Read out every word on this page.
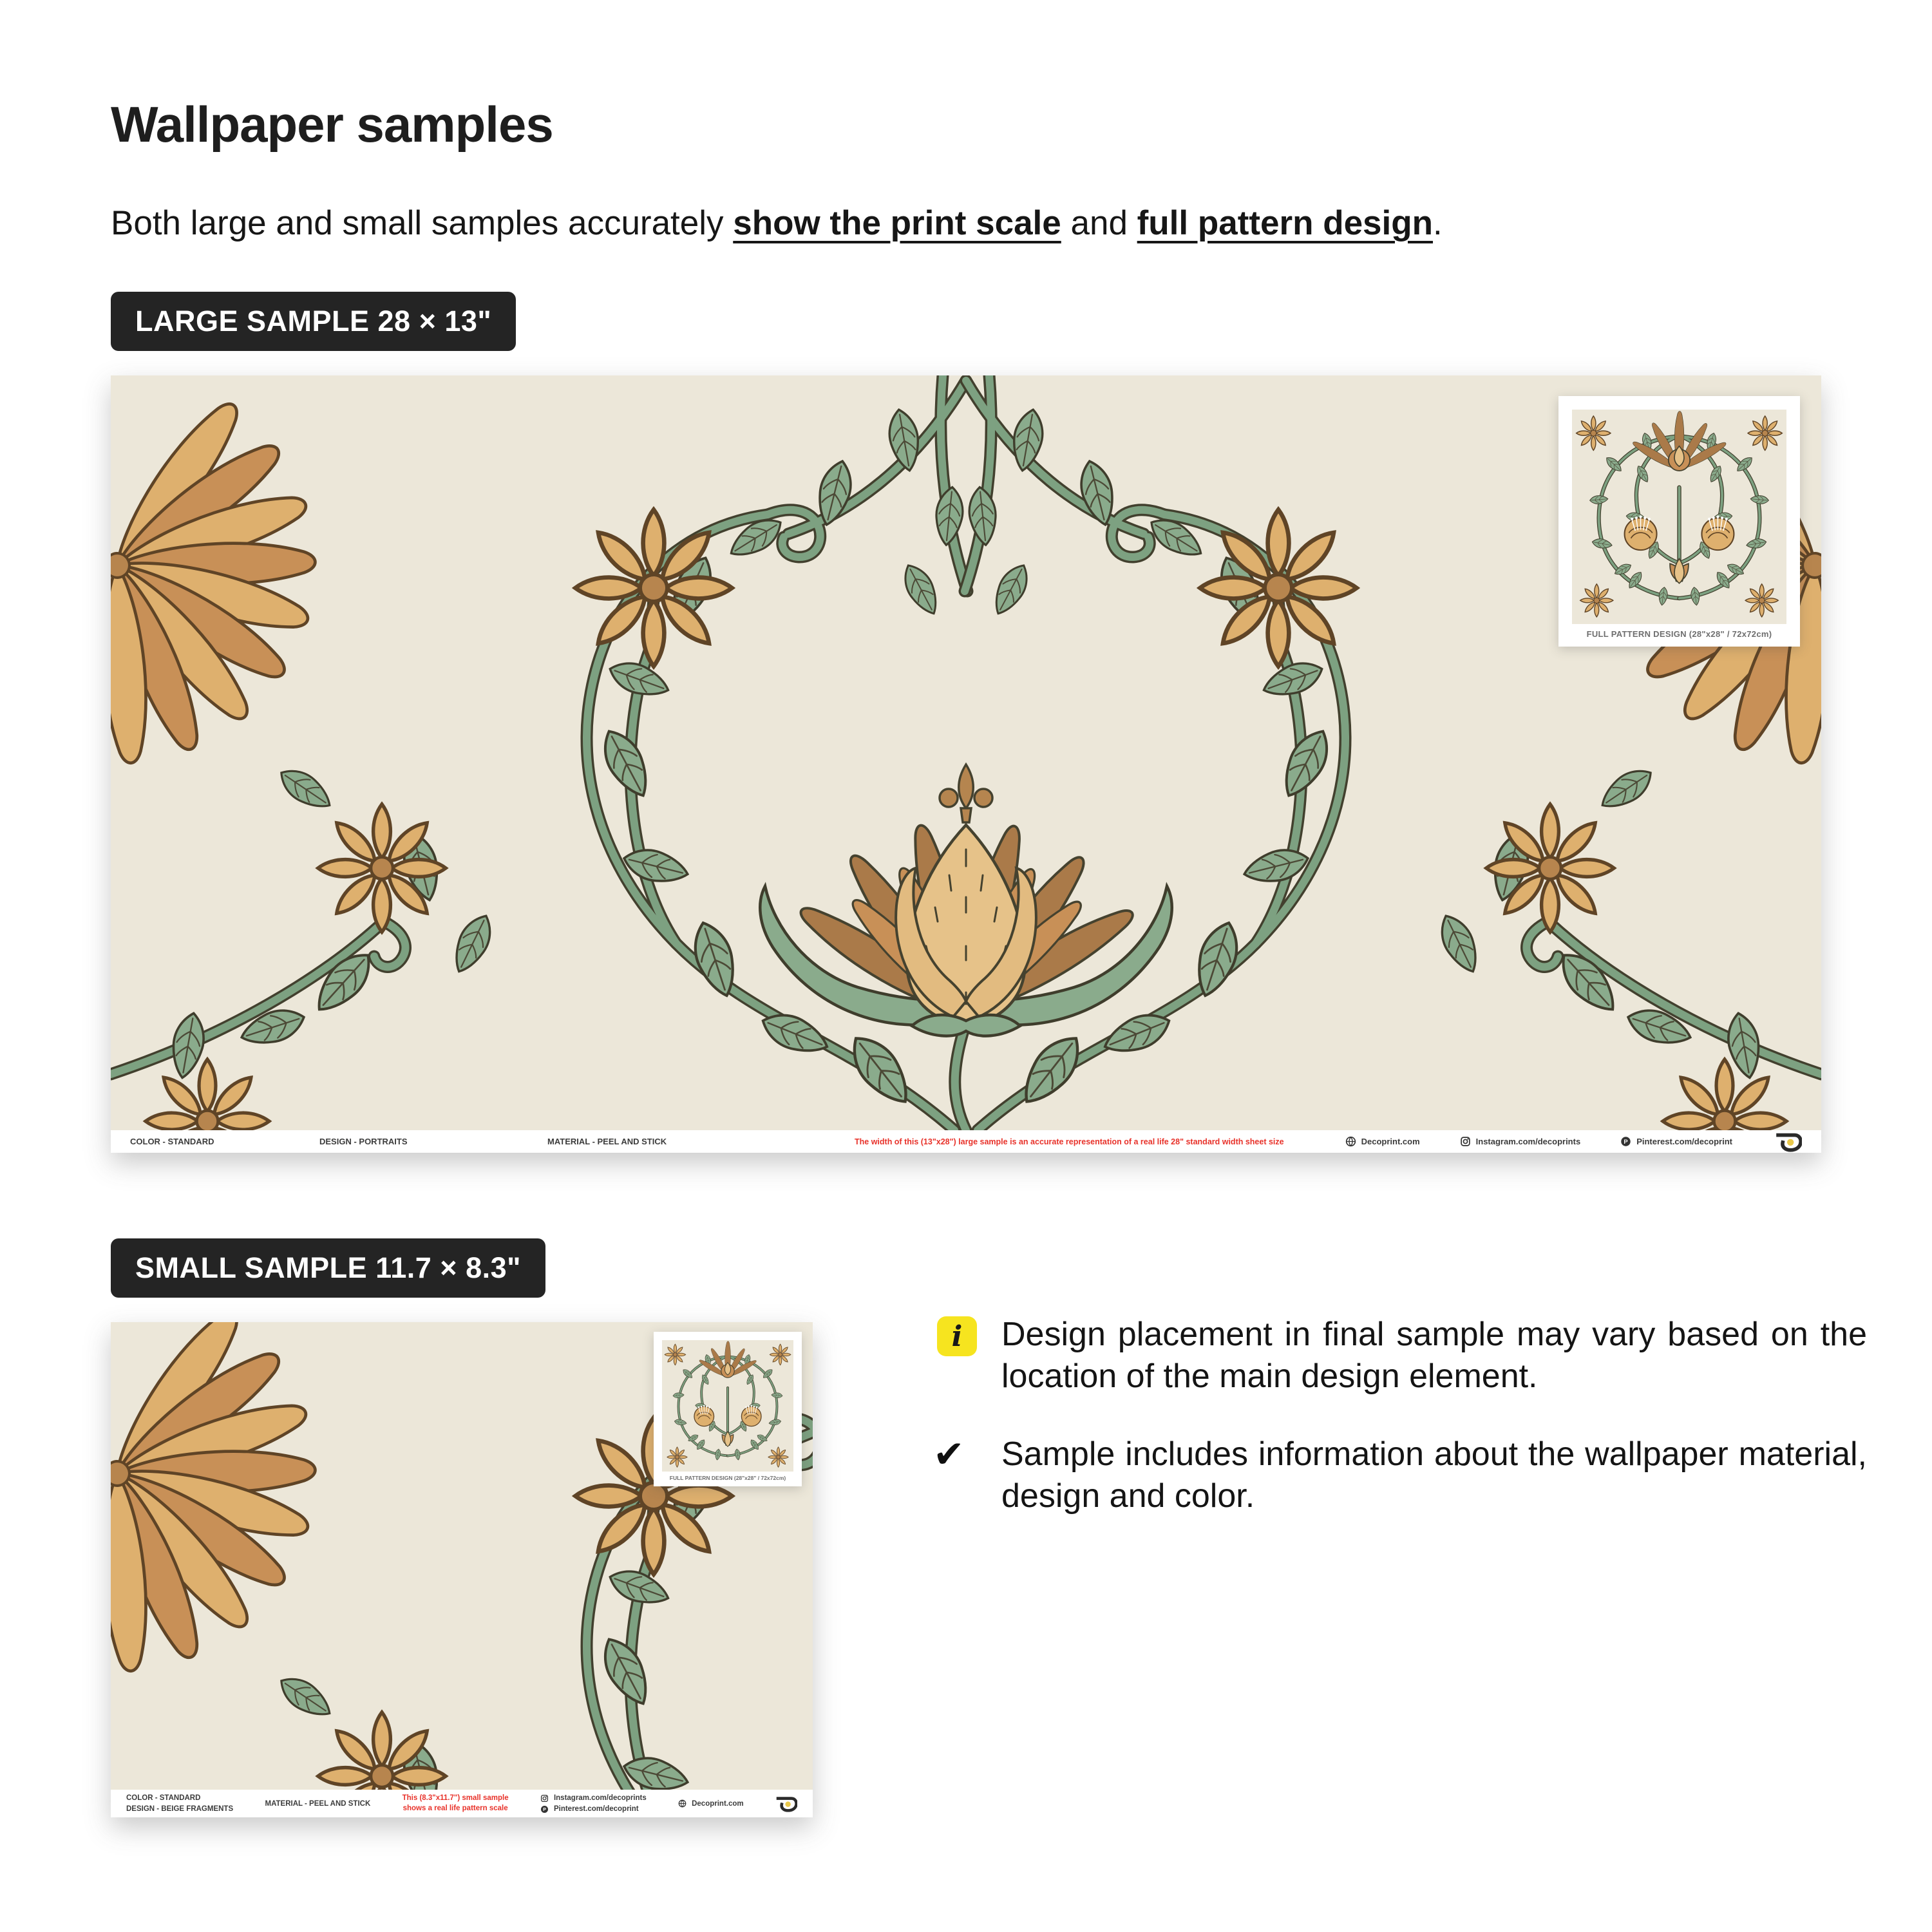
Wallpaper samples
Both large and small samples accurately show the print scale and full pattern design.
LARGE SAMPLE 28 × 13"
FULL PATTERN DESIGN (28"x28" / 72x72cm)
COLOR - STANDARD	DESIGN - PORTRAITS	MATERIAL - PEEL AND STICK	The width of this (13"x28") large sample is an accurate representation of a real life 28" standard width sheet size	Decoprint.com	Instagram.com/decoprints	Pinterest.com/decoprint
SMALL SAMPLE 11.7 × 8.3"
FULL PATTERN DESIGN (28"x28" / 72x72cm)
COLOR - STANDARD
DESIGN - BEIGE FRAGMENTS
MATERIAL - PEEL AND STICK
This (8.3"x11.7") small sample
shows a real life pattern scale
Instagram.com/decoprints
Pinterest.com/decoprint
Decoprint.com
i	Design placement in final sample may vary based on the location of the main design element.
✔	Sample includes information about the wallpaper material, design and color.
